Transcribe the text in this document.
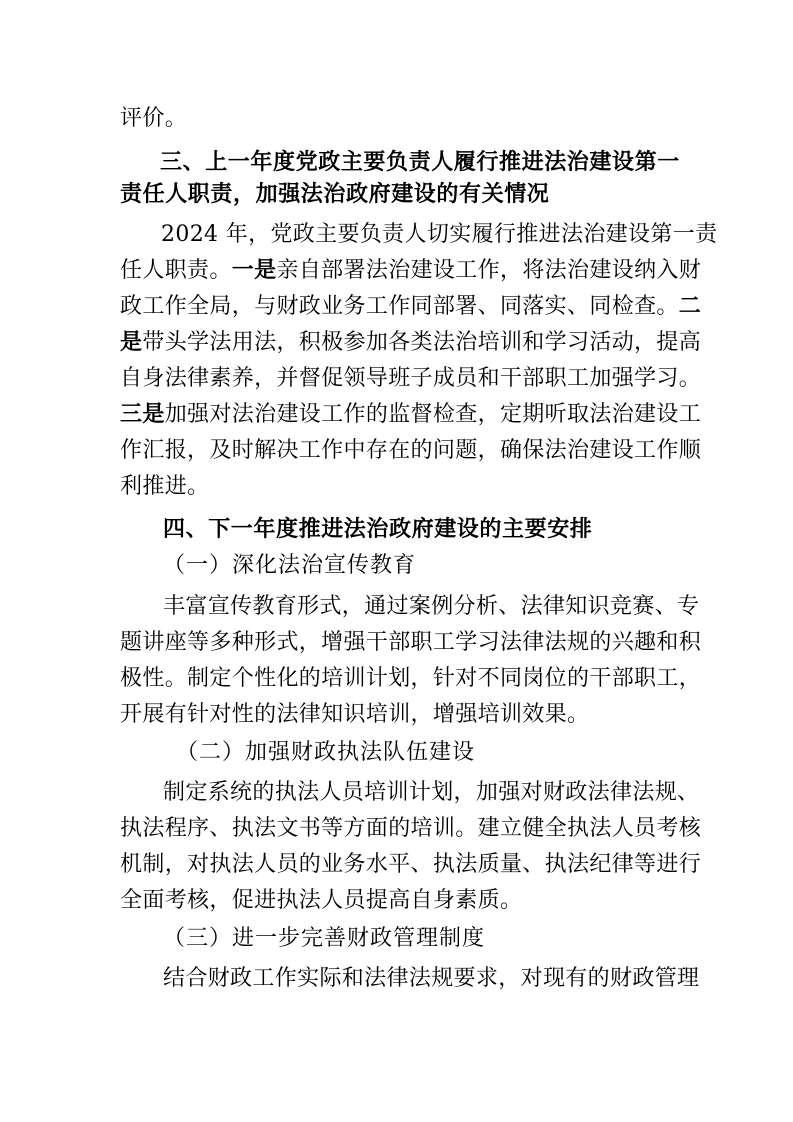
评价。
三、上一年度党政主要负责人履行推进法治建设第一
责任人职责，加强法治政府建设的有关情况
2024 年，党政主要负责人切实履行推进法治建设第一责
任人职责。一是亲自部署法治建设工作，将法治建设纳入财
政工作全局，与财政业务工作同部署、同落实、同检查。二
是带头学法用法，积极参加各类法治培训和学习活动，提高
自身法律素养，并督促领导班子成员和干部职工加强学习。
三是加强对法治建设工作的监督检查，定期听取法治建设工
作汇报，及时解决工作中存在的问题，确保法治建设工作顺
利推进。
四、下一年度推进法治政府建设的主要安排
（一）深化法治宣传教育
丰富宣传教育形式，通过案例分析、法律知识竞赛、专
题讲座等多种形式，增强干部职工学习法律法规的兴趣和积
极性。制定个性化的培训计划，针对不同岗位的干部职工，
开展有针对性的法律知识培训，增强培训效果。
（二）加强财政执法队伍建设
制定系统的执法人员培训计划，加强对财政法律法规、
执法程序、执法文书等方面的培训。建立健全执法人员考核
机制，对执法人员的业务水平、执法质量、执法纪律等进行
全面考核，促进执法人员提高自身素质。
（三）进一步完善财政管理制度
结合财政工作实际和法律法规要求，对现有的财政管理
